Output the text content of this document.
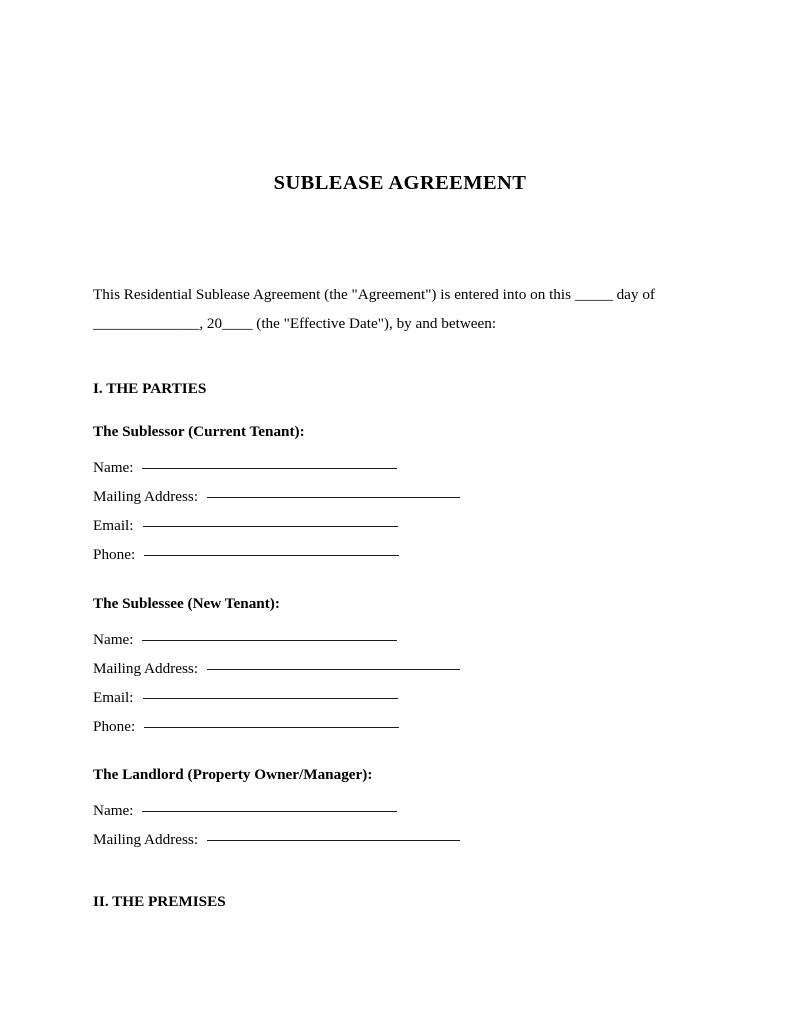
SUBLEASE AGREEMENT
This Residential Sublease Agreement (the "Agreement") is entered into on this _____ day of
______________, 20____ (the "Effective Date"), by and between:
I. THE PARTIES
The Sublessor (Current Tenant):
Name:
Mailing Address:
Email:
Phone:
The Sublessee (New Tenant):
Name:
Mailing Address:
Email:
Phone:
The Landlord (Property Owner/Manager):
Name:
Mailing Address:
II. THE PREMISES
